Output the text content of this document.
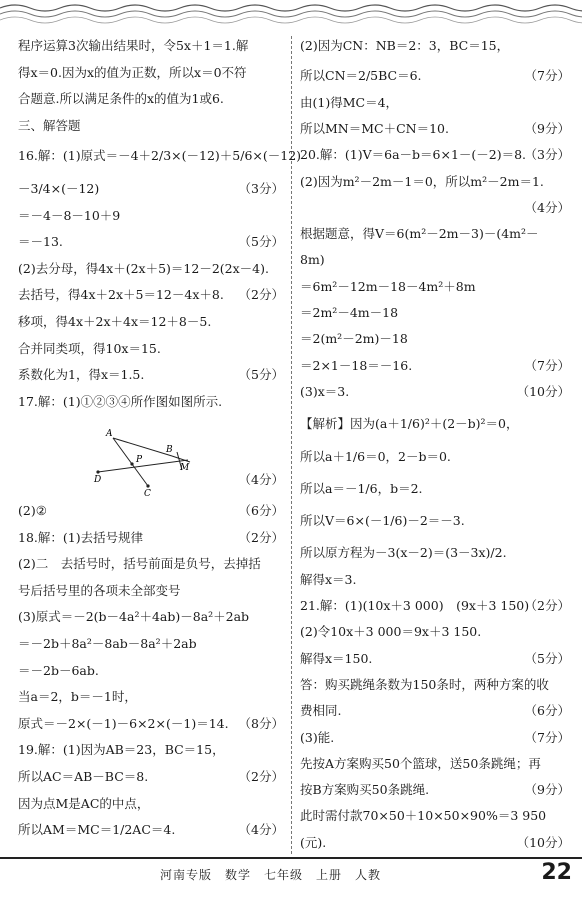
程序运算3次输出结果时，令5x＋1＝1.解
得x＝0.因为x的值为正数，所以x＝0不符
合题意.所以满足条件的x的值为1或6.
三、解答题
16.解：(1)原式＝－4＋2/3×(－12)＋5/6×(－12)
－3/4×(－12)	（3分）
＝－4－8－10＋9
＝－13.	（5分）
(2)去分母，得4x＋(2x＋5)＝12－2(2x－4).
去括号，得4x＋2x＋5＝12－4x＋8. （2分）
移项，得4x＋2x＋4x＝12＋8－5.
合并同类项，得10x＝15.
系数化为1，得x＝1.5.	（5分）
17.解：(1)①②③④所作图如图所示.
（4分）
(2)②	（6分）
18.解：(1)去括号规律	（2分）
(2)二　去括号时，括号前面是负号，去掉括
号后括号里的各项未全部变号
(3)原式＝－2(b－4a²＋4ab)－8a²＋2ab
＝－2b＋8a²－8ab－8a²＋2ab
＝－2b－6ab.
当a＝2，b＝－1时，
原式＝－2×(－1)－6×2×(－1)＝14. （8分）
19.解：(1)因为AB＝23，BC＝15，
所以AC＝AB－BC＝8.	（2分）
因为点M是AC的中点，
所以AM＝MC＝1/2AC＝4.	（4分）
(2)因为CN：NB＝2：3，BC＝15，
所以CN＝2/5BC＝6.	（7分）
由(1)得MC＝4，
所以MN＝MC＋CN＝10.	（9分）
20.解：(1)V＝6a－b＝6×1－(－2)＝8.
（3分）
(2)因为m²－2m－1＝0，所以m²－2m＝1.
（4分）
根据题意，得V＝6(m²－2m－3)－(4m²－
8m)
＝6m²－12m－18－4m²＋8m
＝2m²－4m－18
＝2(m²－2m)－18
＝2×1－18＝－16.	（7分）
(3)x＝3.	（10分）
【解析】因为(a＋1/6)²＋(2－b)²＝0，
所以a＋1/6＝0，2－b＝0.
所以a＝－1/6，b＝2.
所以V＝6×(－1/6)－2＝－3.
所以原方程为－3(x－2)＝(3－3x)/2.
解得x＝3.
21.解：(1)(10x＋3 000)　(9x＋3 150)
（2分）
(2)令10x＋3 000＝9x＋3 150.
解得x＝150.	（5分）
答：购买跳绳条数为150条时，两种方案的收
费相同.	（6分）
(3)能.	（7分）
先按A方案购买50个篮球，送50条跳绳；再
按B方案购买50条跳绳.	（9分）
此时需付款70×50＋10×50×90%＝3 950
(元).	（10分）
A
B
C
D
M
P
河南专版　数学　七年级　上册　人教	22
